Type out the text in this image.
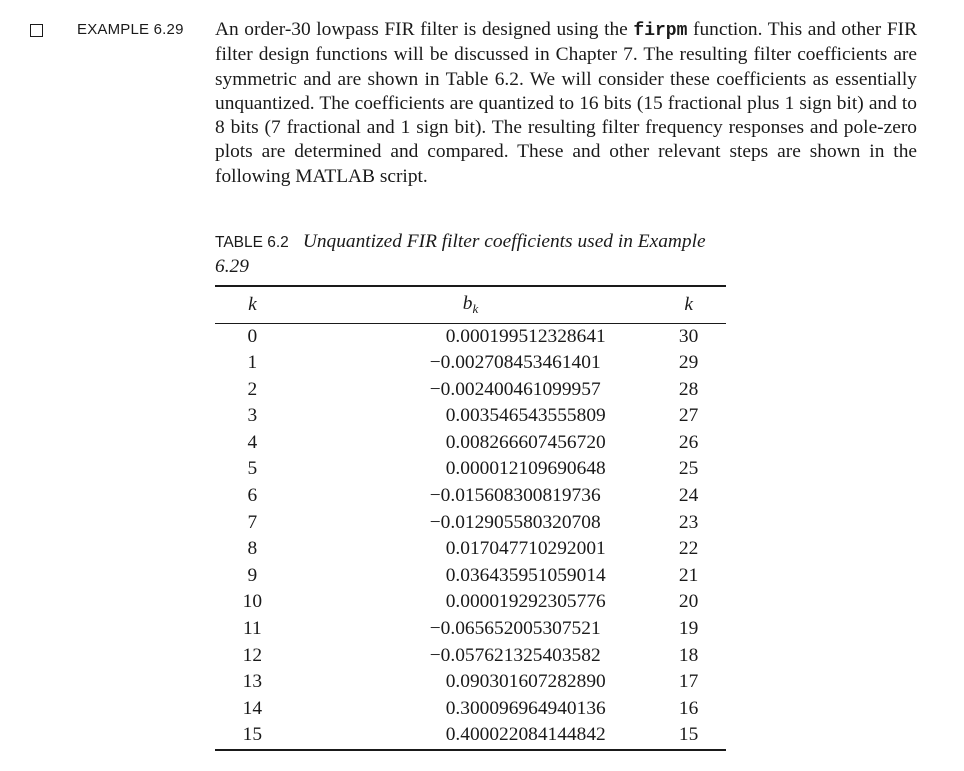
EXAMPLE 6.29 An order-30 lowpass FIR filter is designed using the firpm function. This and other FIR filter design functions will be discussed in Chapter 7. The resulting filter coefficients are symmetric and are shown in Table 6.2. We will consider these coefficients as essentially unquantized. The coefficients are quantized to 16 bits (15 fractional plus 1 sign bit) and to 8 bits (7 fractional and 1 sign bit). The resulting filter frequency responses and pole-zero plots are determined and compared. These and other relevant steps are shown in the following MATLAB script.
TABLE 6.2 Unquantized FIR filter coefficients used in Example 6.29
k	$b_k$	k
0	0.000199512328641	30
1	−0.002708453461401	29
2	−0.002400461099957	28
3	0.003546543555809	27
4	0.008266607456720	26
5	0.000012109690648	25
6	−0.015608300819736	24
7	−0.012905580320708	23
8	0.017047710292001	22
9	0.036435951059014	21
10	0.000019292305776	20
11	−0.065652005307521	19
12	−0.057621325403582	18
13	0.090301607282890	17
14	0.300096964940136	16
15	0.400022084144842	15
